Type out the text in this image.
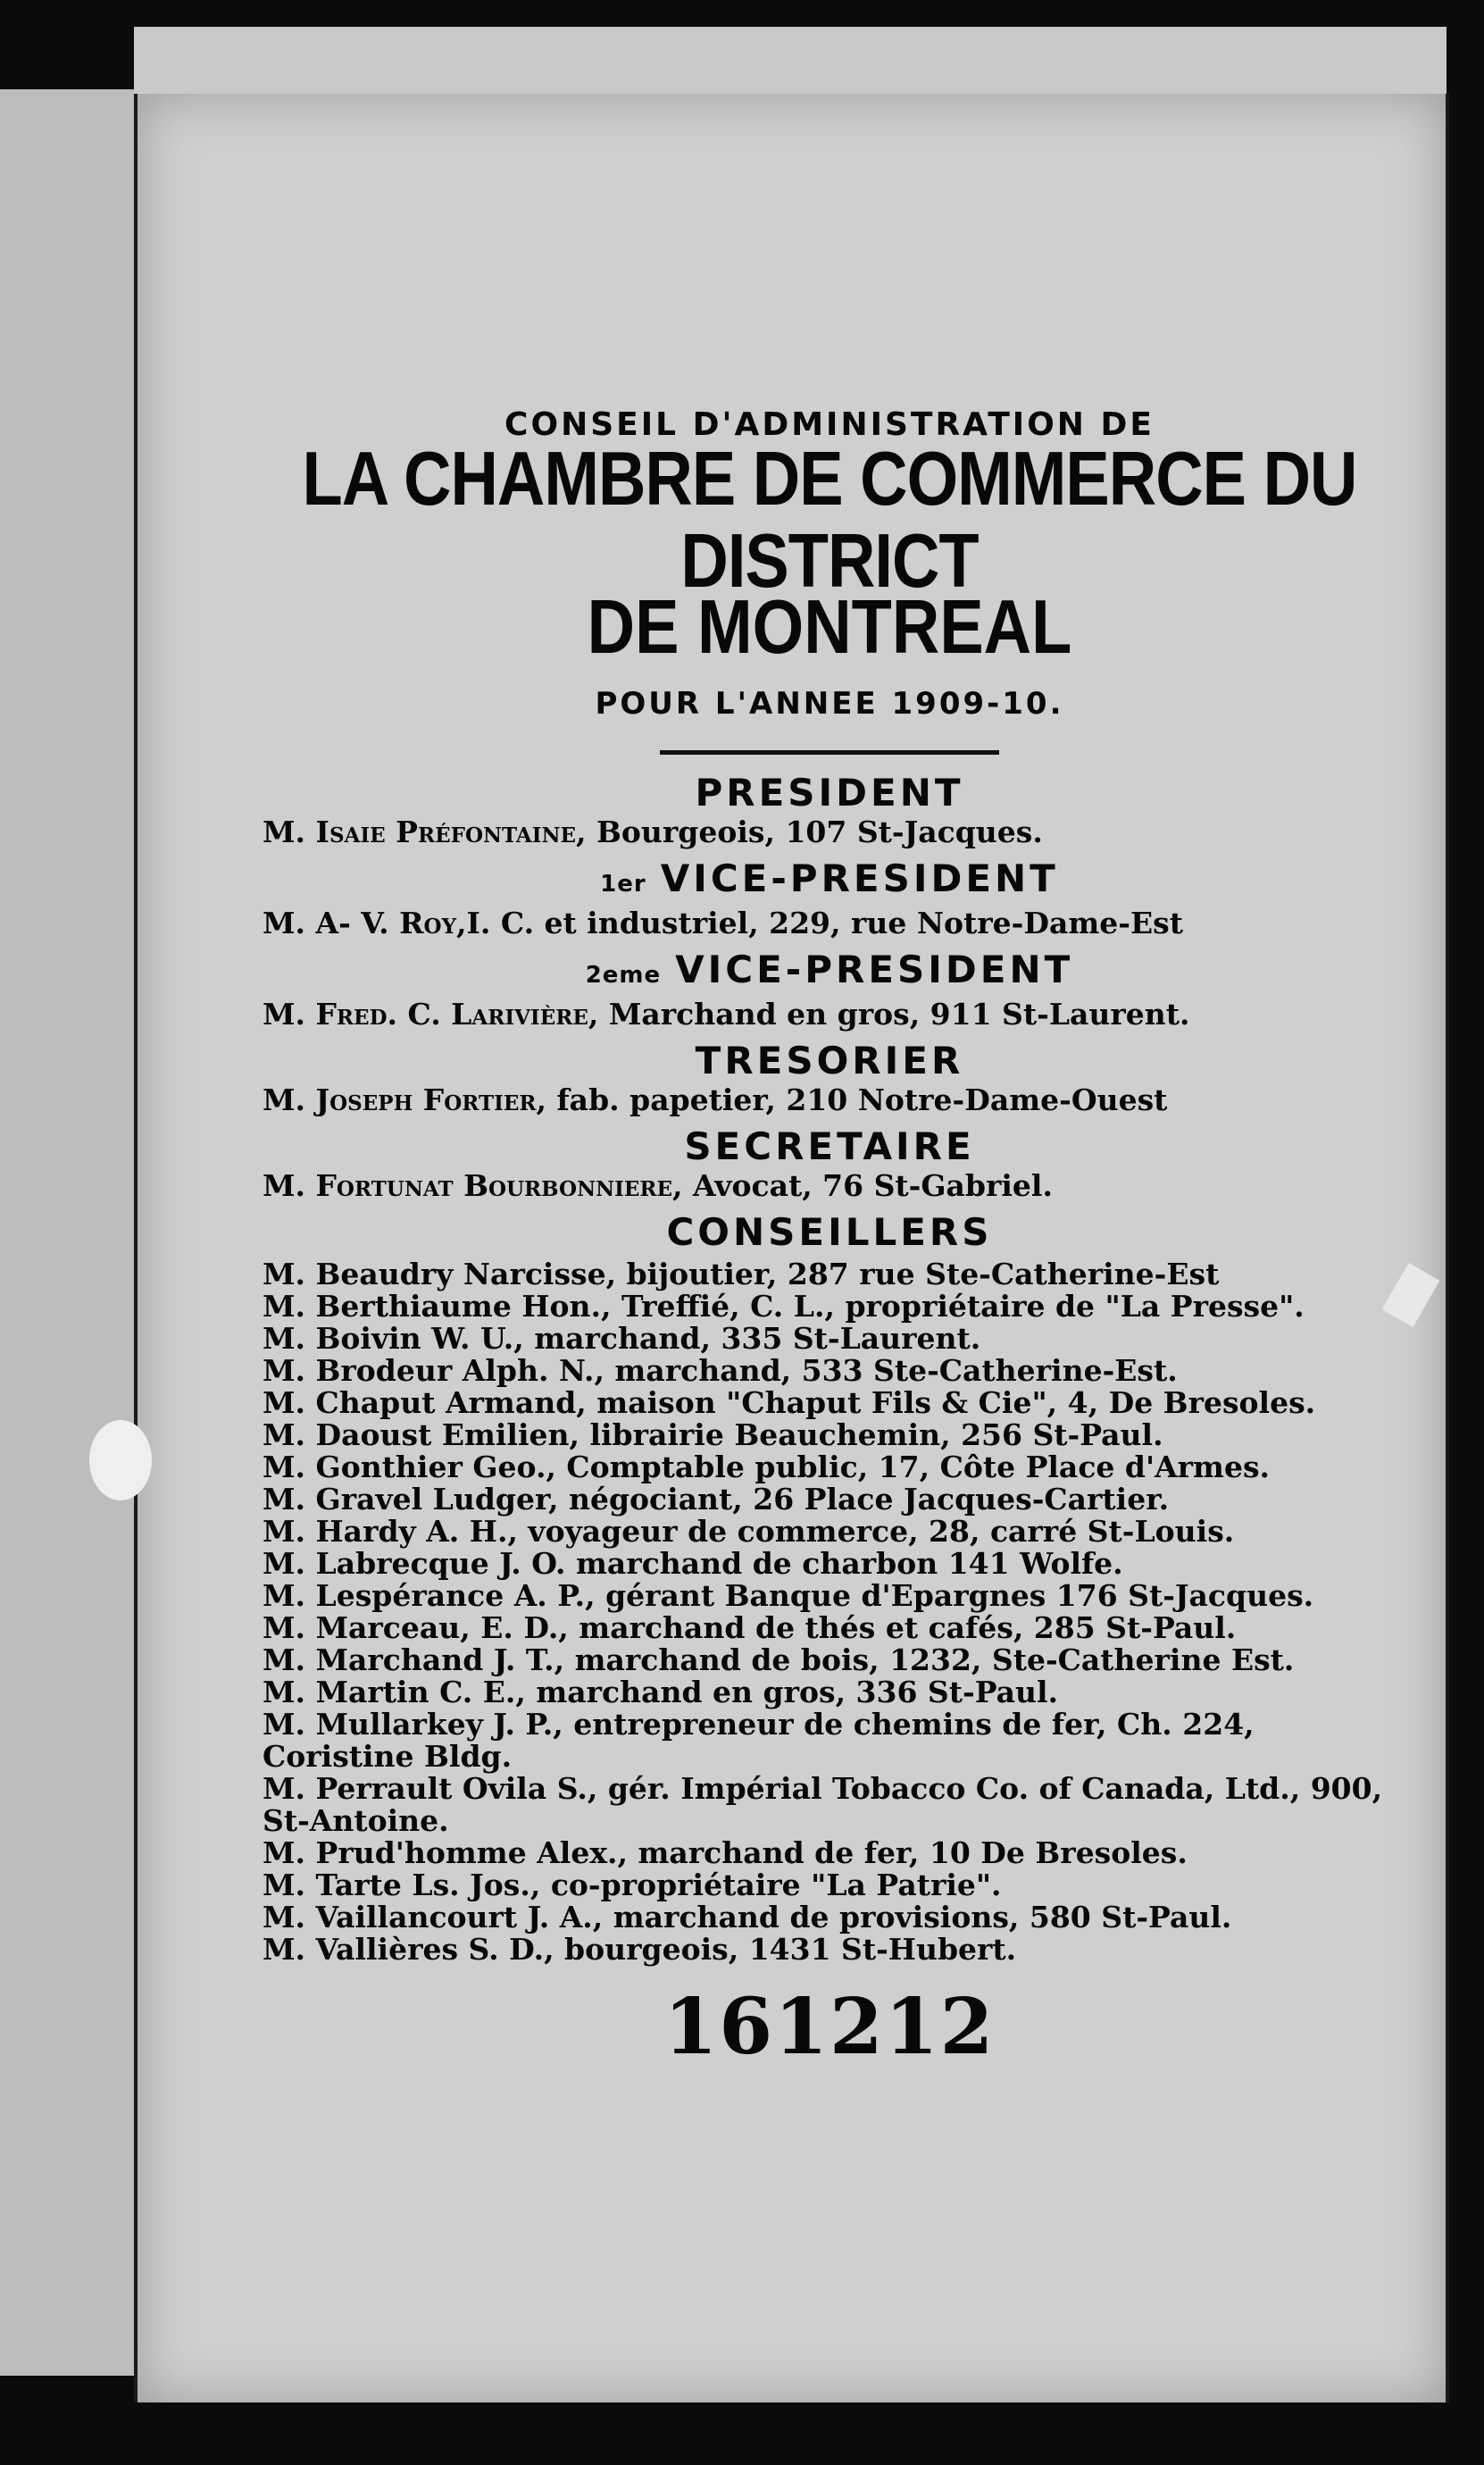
CONSEIL D'ADMINISTRATION DE
LA CHAMBRE DE COMMERCE DU DISTRICT
DE MONTREAL
POUR L'ANNEE 1909-10.
PRESIDENT
M. Isaie Préfontaine, Bourgeois, 107 St-Jacques.
1er VICE-PRESIDENT
M. A- V. Roy,I. C. et industriel, 229, rue Notre-Dame-Est
2eme VICE-PRESIDENT
M. Fred. C. Larivière, Marchand en gros, 911 St-Laurent.
TRESORIER
M. Joseph Fortier, fab. papetier, 210 Notre-Dame-Ouest
SECRETAIRE
M. Fortunat Bourbonniere, Avocat, 76 St-Gabriel.
CONSEILLERS
M. Beaudry Narcisse, bijoutier, 287 rue Ste-Catherine-Est
M. Berthiaume Hon., Treffié, C. L., propriétaire de "La Presse".
M. Boivin W. U., marchand, 335 St-Laurent.
M. Brodeur Alph. N., marchand, 533 Ste-Catherine-Est.
M. Chaput Armand, maison "Chaput Fils & Cie", 4, De Bresoles.
M. Daoust Emilien, librairie Beauchemin, 256 St-Paul.
M. Gonthier Geo., Comptable public, 17, Côte Place d'Armes.
M. Gravel Ludger, négociant, 26 Place Jacques-Cartier.
M. Hardy A. H., voyageur de commerce, 28, carré St-Louis.
M. Labrecque J. O. marchand de charbon 141 Wolfe.
M. Lespérance A. P., gérant Banque d'Epargnes 176 St-Jacques.
M. Marceau, E. D., marchand de thés et cafés, 285 St-Paul.
M. Marchand J. T., marchand de bois, 1232, Ste-Catherine Est.
M. Martin C. E., marchand en gros, 336 St-Paul.
M. Mullarkey J. P., entrepreneur de chemins de fer, Ch. 224, Coristine Bldg.
M. Perrault Ovila S., gér. Impérial Tobacco Co. of Canada, Ltd., 900, St-Antoine.
M. Prud'homme Alex., marchand de fer, 10 De Bresoles.
M. Tarte Ls. Jos., co-propriétaire "La Patrie".
M. Vaillancourt J. A., marchand de provisions, 580 St-Paul.
M. Vallières S. D., bourgeois, 1431 St-Hubert.
161212
